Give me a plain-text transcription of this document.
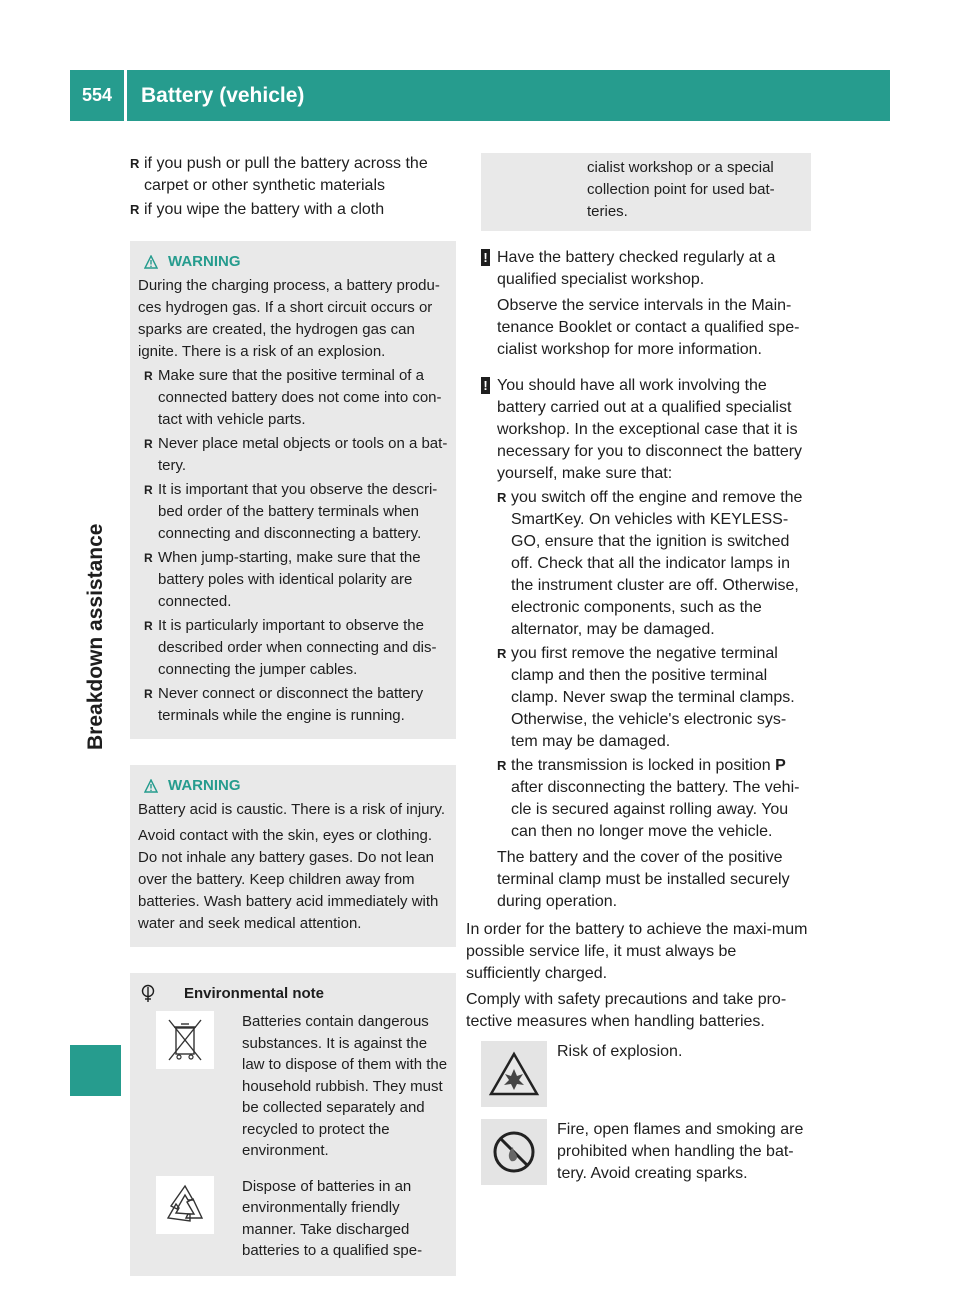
554	Battery (vehicle)
Breakdown assistance
R if you push or pull the battery across the carpet or other synthetic materials
R if you wipe the battery with a cloth
WARNING

During the charging process, a battery produ-ces hydrogen gas. If a short circuit occurs or sparks are created, the hydrogen gas can ignite. There is a risk of an explosion.

R Make sure that the positive terminal of a connected battery does not come into con-tact with vehicle parts.
R Never place metal objects or tools on a bat-tery.
R It is important that you observe the descri-bed order of the battery terminals when connecting and disconnecting a battery.
R When jump-starting, make sure that the battery poles with identical polarity are connected.
R It is particularly important to observe the described order when connecting and dis-connecting the jumper cables.
R Never connect or disconnect the battery terminals while the engine is running.
WARNING

Battery acid is caustic. There is a risk of injury.

Avoid contact with the skin, eyes or clothing. Do not inhale any battery gases. Do not lean over the battery. Keep children away from batteries. Wash battery acid immediately with water and seek medical attention.

Environmental note
Batteries contain dangerous substances. It is against the law to dispose of them with the household rubbish. They must be collected separately and recycled to protect the environment.
Dispose of batteries in an environmentally friendly manner. Take discharged batteries to a qualified spe-
cialist workshop or a special collection point for used bat-teries.
! Have the battery checked regularly at a qualified specialist workshop.

Observe the service intervals in the Main-tenance Booklet or contact a qualified spe-cialist workshop for more information.

! You should have all work involving the battery carried out at a qualified specialist workshop. In the exceptional case that it is necessary for you to disconnect the battery yourself, make sure that:
R you switch off the engine and remove the SmartKey. On vehicles with KEYLESS-GO, ensure that the ignition is switched off. Check that all the indicator lamps in the instrument cluster are off. Otherwise, electronic components, such as the alternator, may be damaged.
R you first remove the negative terminal clamp and then the positive terminal clamp. Never swap the terminal clamps. Otherwise, the vehicle's electronic sys-tem may be damaged.
R the transmission is locked in position P after disconnecting the battery. The vehi-cle is secured against rolling away. You can then no longer move the vehicle.

The battery and the cover of the positive terminal clamp must be installed securely during operation.

In order for the battery to achieve the maxi-mum possible service life, it must always be sufficiently charged.
Comply with safety precautions and take pro-tective measures when handling batteries.
Risk of explosion.
Fire, open flames and smoking are prohibited when handling the bat-tery. Avoid creating sparks.
